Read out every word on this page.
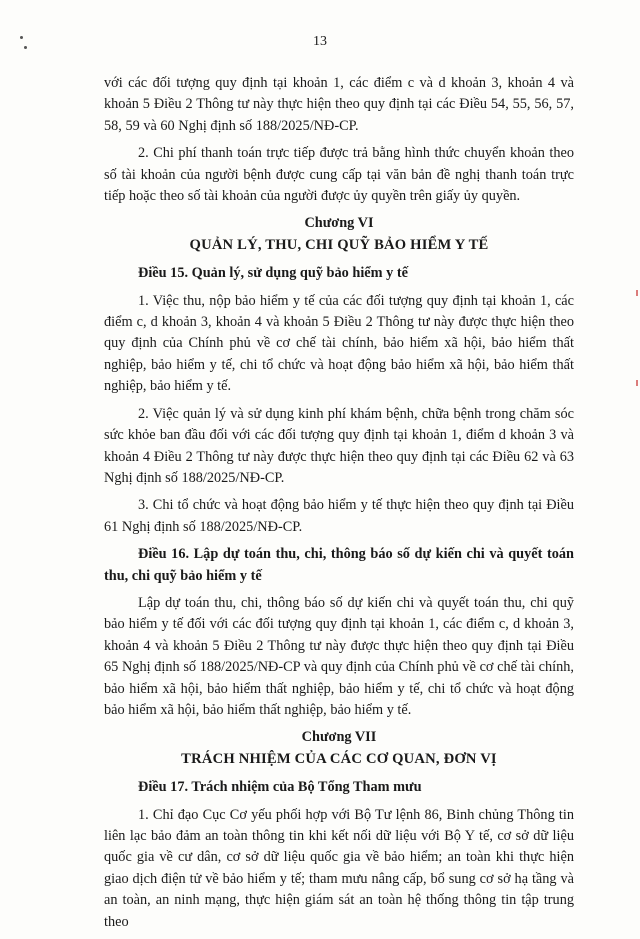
13

với các đối tượng quy định tại khoản 1, các điểm c và d khoản 3, khoản 4 và khoản 5 Điều 2 Thông tư này thực hiện theo quy định tại các Điều 54, 55, 56, 57, 58, 59 và 60 Nghị định số 188/2025/NĐ-CP.

2. Chi phí thanh toán trực tiếp được trả bằng hình thức chuyển khoản theo số tài khoản của người bệnh được cung cấp tại văn bản đề nghị thanh toán trực tiếp hoặc theo số tài khoản của người được ủy quyền trên giấy ủy quyền.

Chương VI
QUẢN LÝ, THU, CHI QUỸ BẢO HIỂM Y TẾ
Điều 15. Quản lý, sử dụng quỹ bảo hiểm y tế

1. Việc thu, nộp bảo hiểm y tế của các đối tượng quy định tại khoản 1, các điểm c, d khoản 3, khoản 4 và khoản 5 Điều 2 Thông tư này được thực hiện theo quy định của Chính phủ về cơ chế tài chính, bảo hiểm xã hội, bảo hiểm thất nghiệp, bảo hiểm y tế, chi tổ chức và hoạt động bảo hiểm xã hội, bảo hiểm thất nghiệp, bảo hiểm y tế.

2. Việc quản lý và sử dụng kinh phí khám bệnh, chữa bệnh trong chăm sóc sức khỏe ban đầu đối với các đối tượng quy định tại khoản 1, điểm d khoản 3 và khoản 4 Điều 2 Thông tư này được thực hiện theo quy định tại các Điều 62 và 63 Nghị định số 188/2025/NĐ-CP.

3. Chi tổ chức và hoạt động bảo hiểm y tế thực hiện theo quy định tại Điều 61 Nghị định số 188/2025/NĐ-CP.

Điều 16. Lập dự toán thu, chi, thông báo số dự kiến chi và quyết toán thu, chi quỹ bảo hiểm y tế

Lập dự toán thu, chi, thông báo số dự kiến chi và quyết toán thu, chi quỹ bảo hiểm y tế đối với các đối tượng quy định tại khoản 1, các điểm c, d khoản 3, khoản 4 và khoản 5 Điều 2 Thông tư này được thực hiện theo quy định tại Điều 65 Nghị định số 188/2025/NĐ-CP và quy định của Chính phủ về cơ chế tài chính, bảo hiểm xã hội, bảo hiểm thất nghiệp, bảo hiểm y tế, chi tổ chức và hoạt động bảo hiểm xã hội, bảo hiểm thất nghiệp, bảo hiểm y tế.

Chương VII
TRÁCH NHIỆM CỦA CÁC CƠ QUAN, ĐƠN VỊ
Điều 17. Trách nhiệm của Bộ Tổng Tham mưu

1. Chỉ đạo Cục Cơ yếu phối hợp với Bộ Tư lệnh 86, Binh chủng Thông tin liên lạc bảo đảm an toàn thông tin khi kết nối dữ liệu với Bộ Y tế, cơ sở dữ liệu quốc gia về cư dân, cơ sở dữ liệu quốc gia về bảo hiểm; an toàn khi thực hiện giao dịch điện tử về bảo hiểm y tế; tham mưu nâng cấp, bổ sung cơ sở hạ tầng và an toàn, an ninh mạng, thực hiện giám sát an toàn hệ thống thông tin tập trung theo
